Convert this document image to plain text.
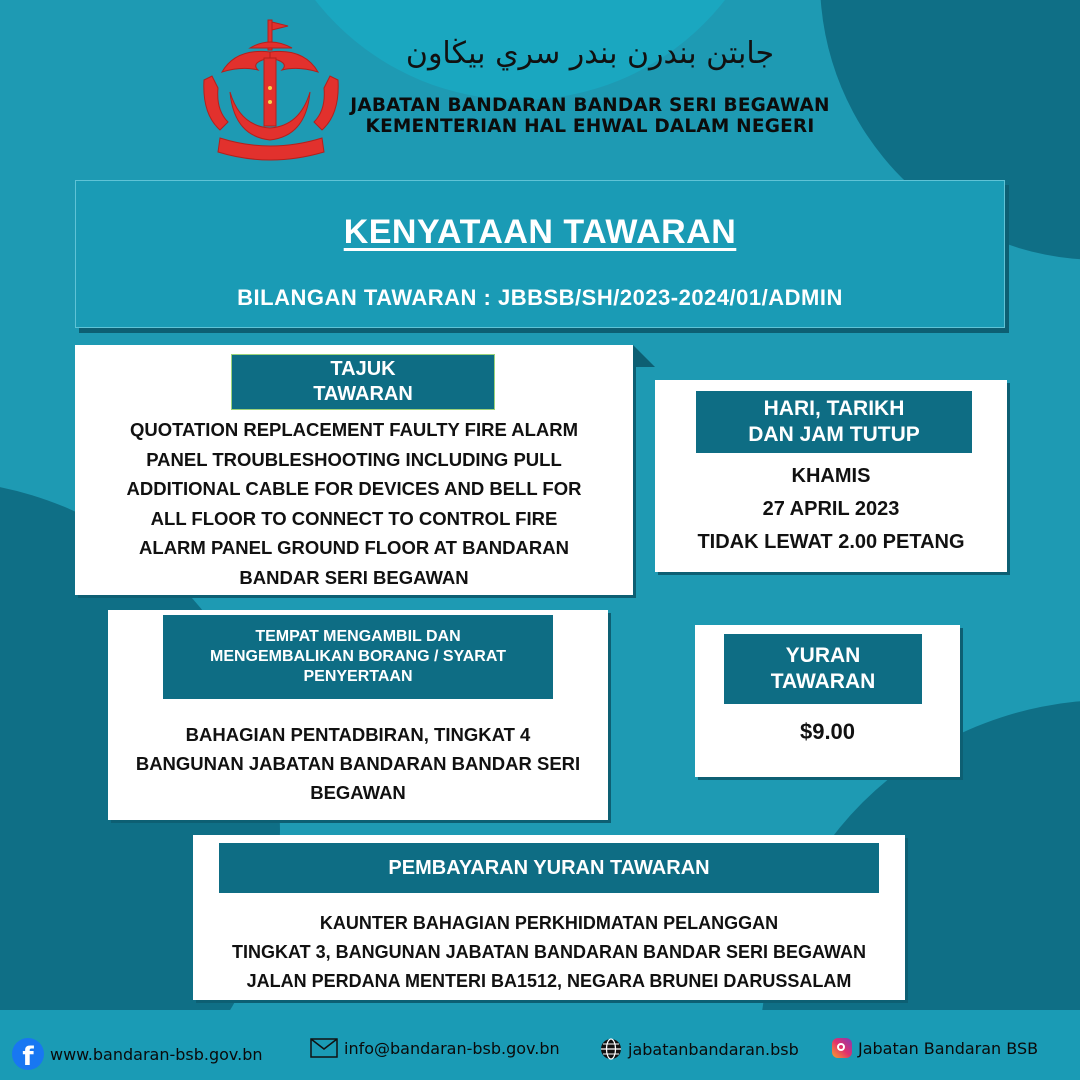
جابتن بندرن بندر سري بيڬاون
JABATAN BANDARAN BANDAR SERI BEGAWAN
KEMENTERIAN HAL EHWAL DALAM NEGERI
KENYATAAN TAWARAN
BILANGAN TAWARAN : JBBSB/SH/2023-2024/01/ADMIN
TAJUK
TAWARAN
QUOTATION REPLACEMENT FAULTY FIRE ALARM
PANEL TROUBLESHOOTING INCLUDING PULL
ADDITIONAL CABLE FOR DEVICES AND BELL FOR
ALL FLOOR TO CONNECT TO CONTROL FIRE
ALARM PANEL GROUND FLOOR AT BANDARAN
BANDAR SERI BEGAWAN
HARI, TARIKH
DAN JAM TUTUP
KHAMIS
27 APRIL 2023
TIDAK LEWAT 2.00 PETANG
TEMPAT MENGAMBIL DAN
MENGEMBALIKAN BORANG / SYARAT
PENYERTAAN
BAHAGIAN PENTADBIRAN, TINGKAT 4
BANGUNAN JABATAN BANDARAN BANDAR SERI
BEGAWAN
YURAN
TAWARAN
$9.00
PEMBAYARAN YURAN TAWARAN
KAUNTER BAHAGIAN PERKHIDMATAN PELANGGAN
TINGKAT 3, BANGUNAN JABATAN BANDARAN BANDAR SERI BEGAWAN
JALAN PERDANA MENTERI BA1512, NEGARA BRUNEI DARUSSALAM
f	www.bandaran-bsb.gov.bn	info@bandaran-bsb.gov.bn	jabatanbandaran.bsb	Jabatan Bandaran BSB
